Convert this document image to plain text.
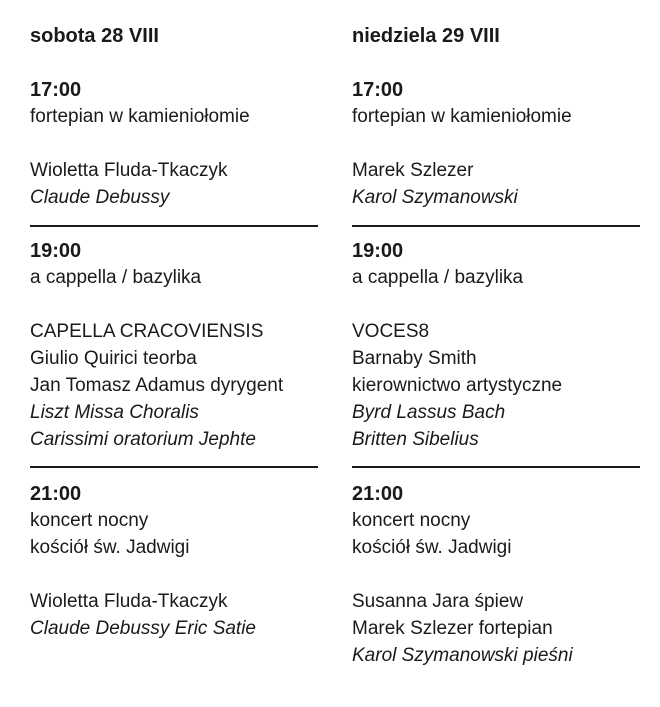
sobota 28 VIII
17:00
fortepian w kamieniołomie
Wioletta Fluda-Tkaczyk
Claude Debussy
19:00
a cappella / bazylika
CAPELLA CRACOVIENSIS
Giulio Quirici teorba
Jan Tomasz Adamus dyrygent
Liszt Missa Choralis
Carissimi oratorium Jephte
21:00
koncert nocny
kościół św. Jadwigi
Wioletta Fluda-Tkaczyk
Claude Debussy Eric Satie
niedziela 29 VIII
17:00
fortepian w kamieniołomie
Marek Szlezer
Karol Szymanowski
19:00
a cappella / bazylika
VOCES8
Barnaby Smith
kierownictwo artystyczne
Byrd Lassus Bach
Britten Sibelius
21:00
koncert nocny
kościół św. Jadwigi
Susanna Jara śpiew
Marek Szlezer fortepian
Karol Szymanowski pieśni
